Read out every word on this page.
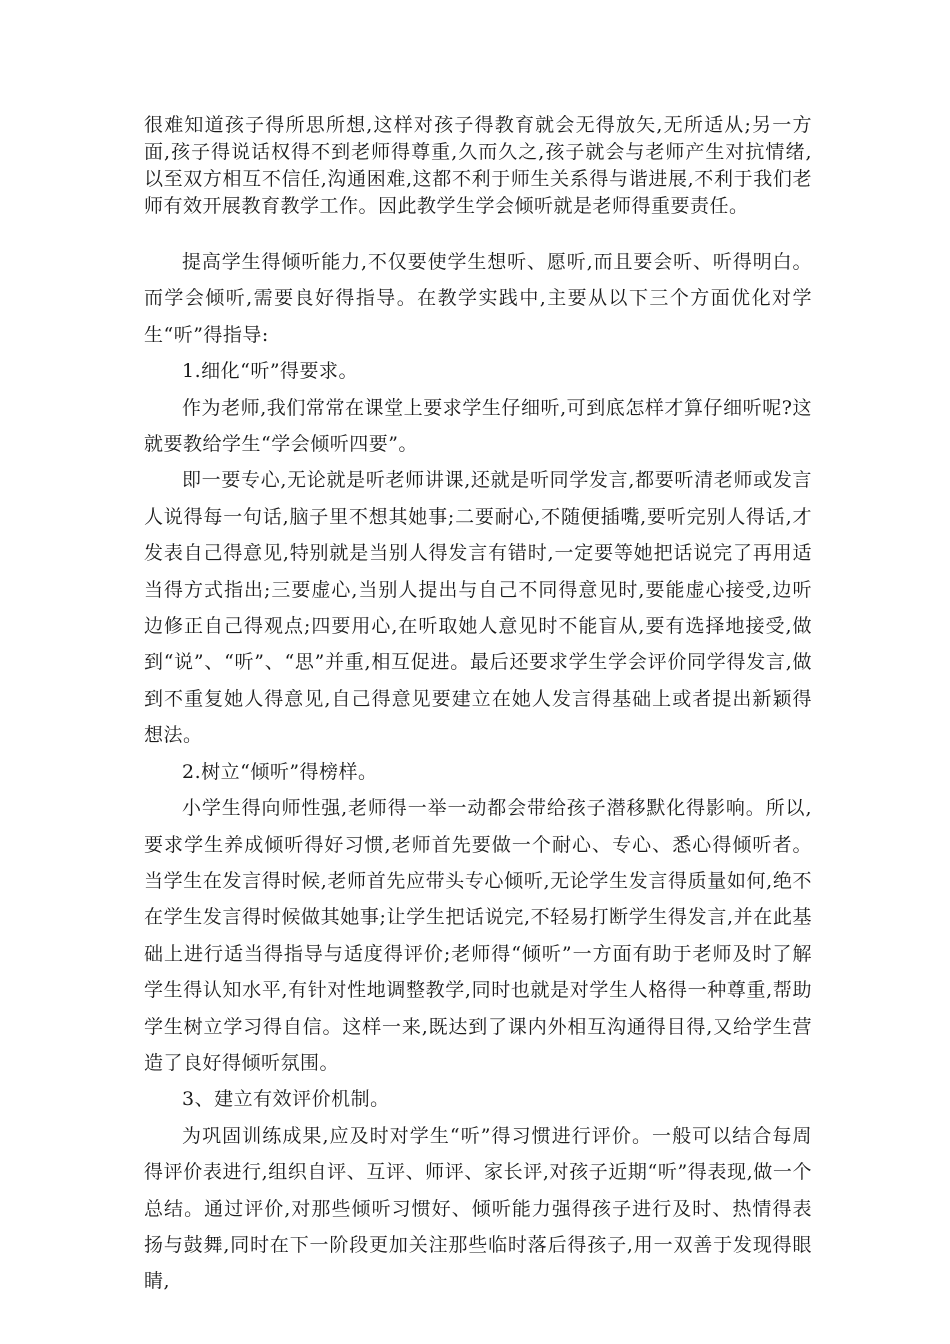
很难知道孩子得所思所想,这样对孩子得教育就会无得放矢,无所适从;另一方面,孩子得说话权得不到老师得尊重,久而久之,孩子就会与老师产生对抗情绪,以至双方相互不信任,沟通困难,这都不利于师生关系得与谐进展,不利于我们老师有效开展教育教学工作。因此教学生学会倾听就是老师得重要责任。

提高学生得倾听能力,不仅要使学生想听、愿听,而且要会听、听得明白。而学会倾听,需要良好得指导。在教学实践中,主要从以下三个方面优化对学生“听”得指导:

1.细化“听”得要求。

作为老师,我们常常在课堂上要求学生仔细听,可到底怎样才算仔细听呢?这就要教给学生“学会倾听四要”。

即一要专心,无论就是听老师讲课,还就是听同学发言,都要听清老师或发言人说得每一句话,脑子里不想其她事;二要耐心,不随便插嘴,要听完别人得话,才发表自己得意见,特别就是当别人得发言有错时,一定要等她把话说完了再用适当得方式指出;三要虚心,当别人提出与自己不同得意见时,要能虚心接受,边听边修正自己得观点;四要用心,在听取她人意见时不能盲从,要有选择地接受,做到“说”、“听”、“思”并重,相互促进。最后还要求学生学会评价同学得发言,做到不重复她人得意见,自己得意见要建立在她人发言得基础上或者提出新颖得想法。

2.树立“倾听”得榜样。

小学生得向师性强,老师得一举一动都会带给孩子潜移默化得影响。所以,要求学生养成倾听得好习惯,老师首先要做一个耐心、专心、悉心得倾听者。当学生在发言得时候,老师首先应带头专心倾听,无论学生发言得质量如何,绝不在学生发言得时候做其她事;让学生把话说完,不轻易打断学生得发言,并在此基础上进行适当得指导与适度得评价;老师得“倾听”一方面有助于老师及时了解学生得认知水平,有针对性地调整教学,同时也就是对学生人格得一种尊重,帮助学生树立学习得自信。这样一来,既达到了课内外相互沟通得目得,又给学生营造了良好得倾听氛围。

3、建立有效评价机制。

为巩固训练成果,应及时对学生“听”得习惯进行评价。一般可以结合每周得评价表进行,组织自评、互评、师评、家长评,对孩子近期“听”得表现,做一个总结。通过评价,对那些倾听习惯好、倾听能力强得孩子进行及时、热情得表扬与鼓舞,同时在下一阶段更加关注那些临时落后得孩子,用一双善于发现得眼睛,
